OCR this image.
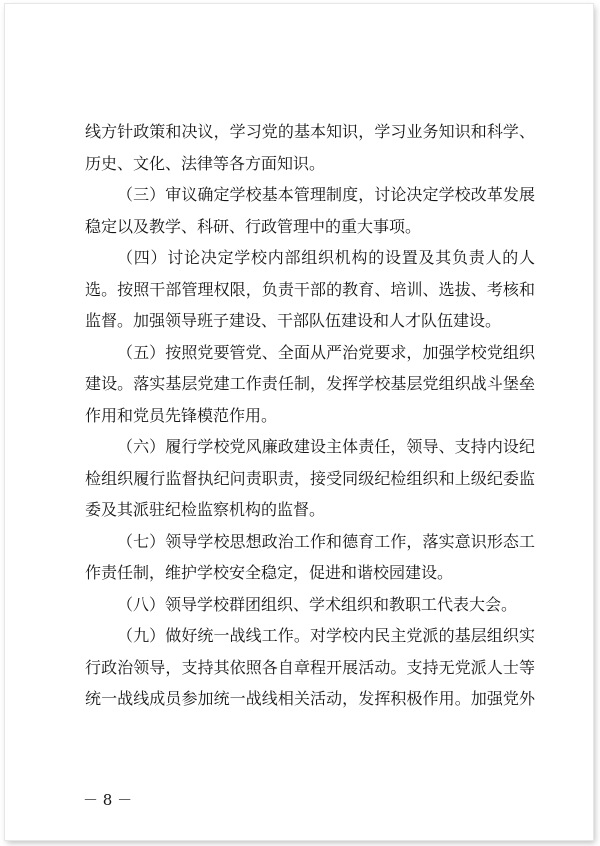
线方针政策和决议，学习党的基本知识，学习业务知识和科学、
历史、文化、法律等各方面知识。
（三）审议确定学校基本管理制度，讨论决定学校改革发展
稳定以及教学、科研、行政管理中的重大事项。
（四）讨论决定学校内部组织机构的设置及其负责人的人
选。按照干部管理权限，负责干部的教育、培训、选拔、考核和
监督。加强领导班子建设、干部队伍建设和人才队伍建设。
（五）按照党要管党、全面从严治党要求，加强学校党组织
建设。落实基层党建工作责任制，发挥学校基层党组织战斗堡垒
作用和党员先锋模范作用。
（六）履行学校党风廉政建设主体责任，领导、支持内设纪
检组织履行监督执纪问责职责，接受同级纪检组织和上级纪委监
委及其派驻纪检监察机构的监督。
（七）领导学校思想政治工作和德育工作，落实意识形态工
作责任制，维护学校安全稳定，促进和谐校园建设。
（八）领导学校群团组织、学术组织和教职工代表大会。
（九）做好统一战线工作。对学校内民主党派的基层组织实
行政治领导，支持其依照各自章程开展活动。支持无党派人士等
统一战线成员参加统一战线相关活动，发挥积极作用。加强党外
－ 8 －
